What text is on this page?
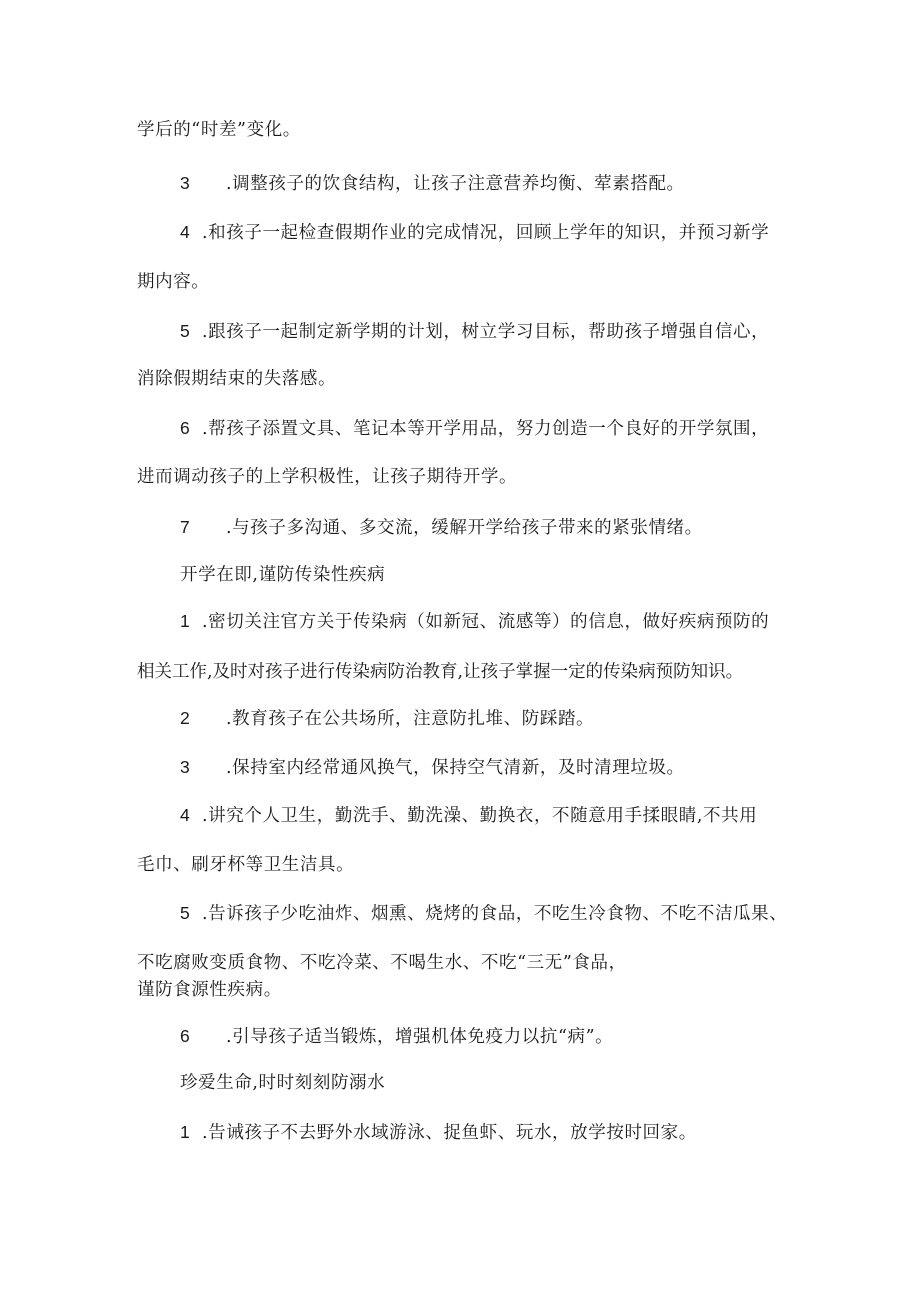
学后的“时差”变化。
3 .调整孩子的饮食结构，让孩子注意营养均衡、荤素搭配。
4 .和孩子一起检查假期作业的完成情况，回顾上学年的知识，并预习新学
期内容。
5 .跟孩子一起制定新学期的计划，树立学习目标，帮助孩子增强自信心，
消除假期结束的失落感。
6 .帮孩子添置文具、笔记本等开学用品，努力创造一个良好的开学氛围，
进而调动孩子的上学积极性，让孩子期待开学。
7 .与孩子多沟通、多交流，缓解开学给孩子带来的紧张情绪。
开学在即,谨防传染性疾病
1 .密切关注官方关于传染病（如新冠、流感等）的信息，做好疾病预防的
相关工作,及时对孩子进行传染病防治教育,让孩子掌握一定的传染病预防知识。
2 .教育孩子在公共场所，注意防扎堆、防踩踏。
3 .保持室内经常通风换气，保持空气清新，及时清理垃圾。
4 .讲究个人卫生，勤洗手、勤洗澡、勤换衣，不随意用手揉眼睛,不共用
毛巾、刷牙杯等卫生洁具。
5 .告诉孩子少吃油炸、烟熏、烧烤的食品，不吃生冷食物、不吃不洁瓜果、
不吃腐败变质食物、不吃冷菜、不喝生水、不吃“三无”食品，
谨防食源性疾病。
6 .引导孩子适当锻炼，增强机体免疫力以抗“病”。
珍爱生命,时时刻刻防溺水
1 .告诫孩子不去野外水域游泳、捉鱼虾、玩水，放学按时回家。
